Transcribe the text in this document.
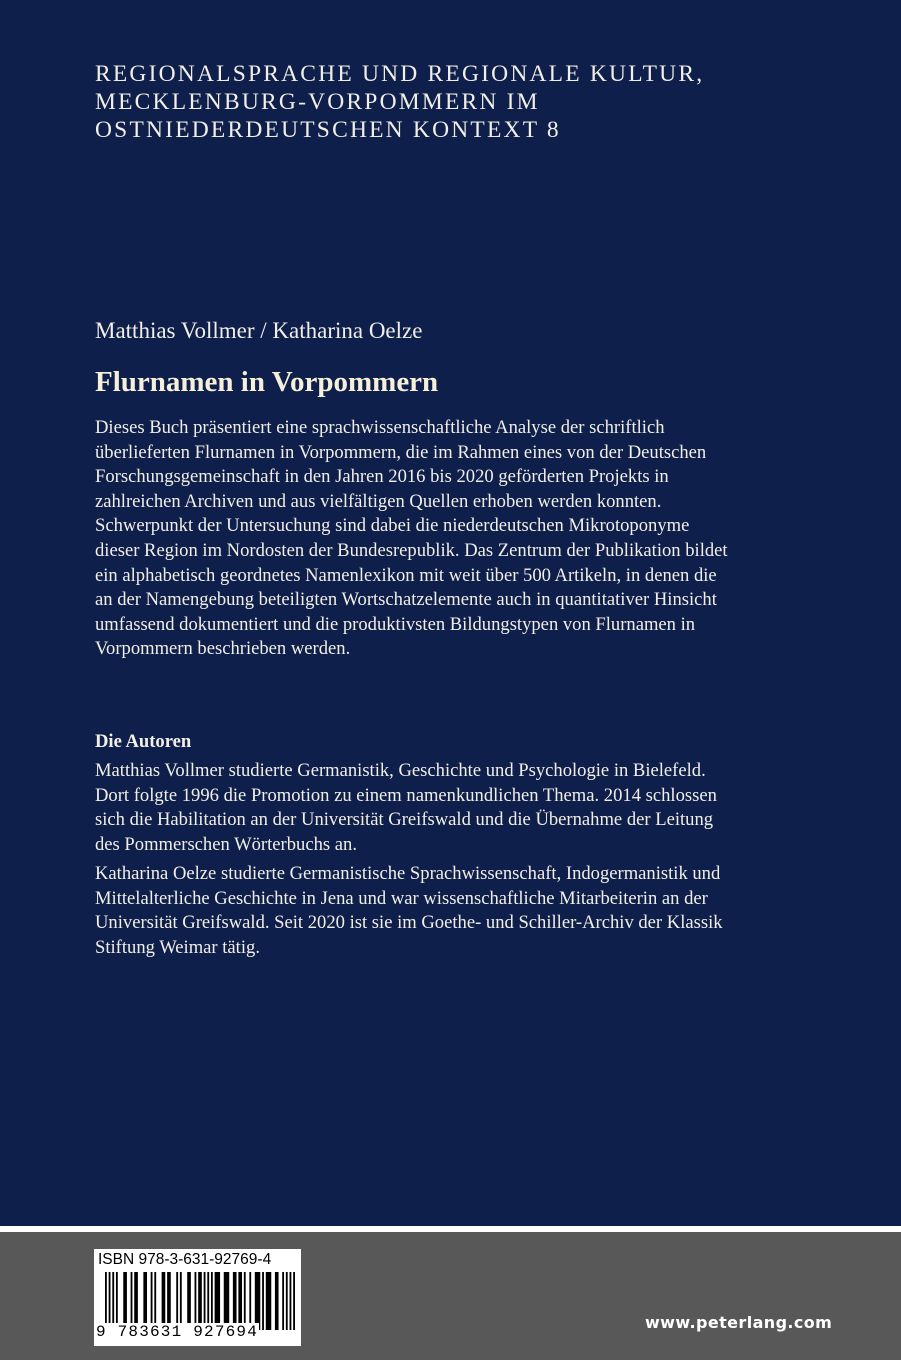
REGIONALSPRACHE UND REGIONALE KULTUR,
MECKLENBURG-VORPOMMERN IM
OSTNIEDERDEUTSCHEN KONTEXT 8
Matthias Vollmer / Katharina Oelze
Flurnamen in Vorpommern
Dieses Buch präsentiert eine sprachwissenschaftliche Analyse der schriftlich
überlieferten Flurnamen in Vorpommern, die im Rahmen eines von der Deutschen
Forschungsgemeinschaft in den Jahren 2016 bis 2020 geförderten Projekts in
zahlreichen Archiven und aus vielfältigen Quellen erhoben werden konnten.
Schwerpunkt der Untersuchung sind dabei die niederdeutschen Mikrotoponyme
dieser Region im Nordosten der Bundesrepublik. Das Zentrum der Publikation bildet
ein alphabetisch geordnetes Namenlexikon mit weit über 500 Artikeln, in denen die
an der Namengebung beteiligten Wortschatzelemente auch in quantitativer Hinsicht
umfassend dokumentiert und die produktivsten Bildungstypen von Flurnamen in
Vorpommern beschrieben werden.
Die Autoren
Matthias Vollmer studierte Germanistik, Geschichte und Psychologie in Bielefeld.
Dort folgte 1996 die Promotion zu einem namenkundlichen Thema. 2014 schlossen
sich die Habilitation an der Universität Greifswald und die Übernahme der Leitung
des Pommerschen Wörterbuchs an.
Katharina Oelze studierte Germanistische Sprachwissenschaft, Indogermanistik und
Mittelalterliche Geschichte in Jena und war wissenschaftliche Mitarbeiterin an der
Universität Greifswald. Seit 2020 ist sie im Goethe- und Schiller-Archiv der Klassik
Stiftung Weimar tätig.
ISBN 978-3-631-92769-4
9 783631 927694	www.peterlang.com
